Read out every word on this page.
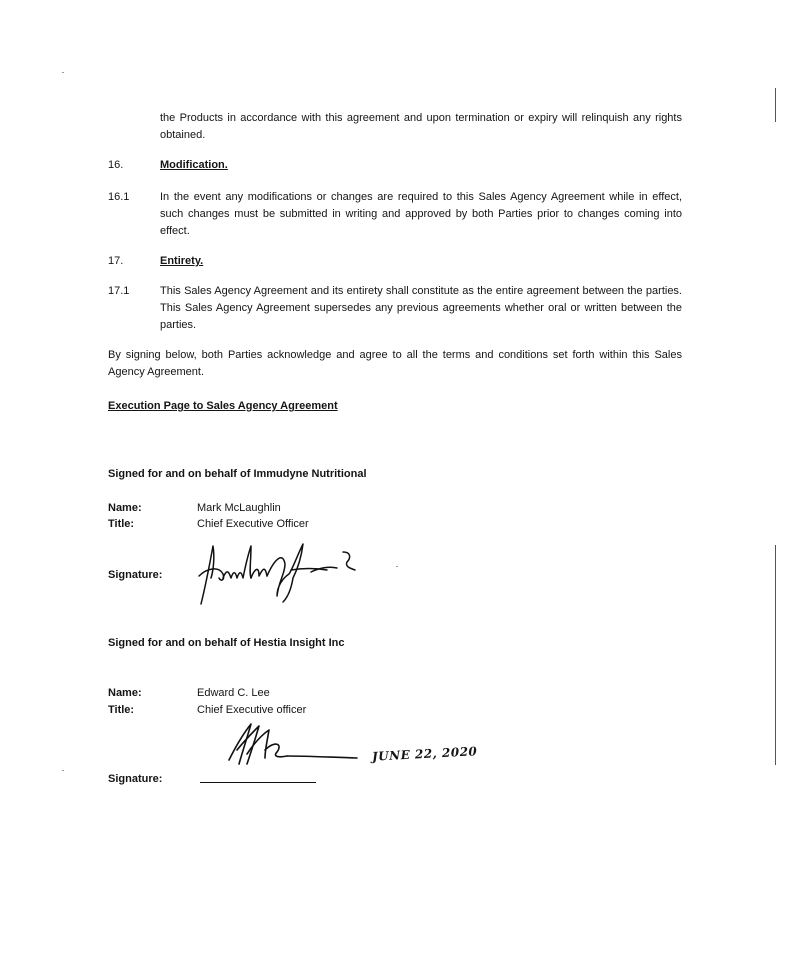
the Products in accordance with this agreement and upon termination or expiry will relinquish any rights obtained.
16.	Modification.
16.1	In the event any modifications or changes are required to this Sales Agency Agreement while in effect, such changes must be submitted in writing and approved by both Parties prior to changes coming into effect.
17.	Entirety.
17.1	This Sales Agency Agreement and its entirety shall constitute as the entire agreement between the parties. This Sales Agency Agreement supersedes any previous agreements whether oral or written between the parties.
By signing below, both Parties acknowledge and agree to all the terms and conditions set forth within this Sales Agency Agreement.
Execution Page to Sales Agency Agreement
Signed for and on behalf of Immudyne Nutritional
Name:	Mark McLaughlin
Title:	Chief Executive Officer
Signature:
Signed for and on behalf of Hestia Insight Inc
Name:	Edward C. Lee
Title:	Chief Executive officer
Signature:
JUNE 22, 2020
